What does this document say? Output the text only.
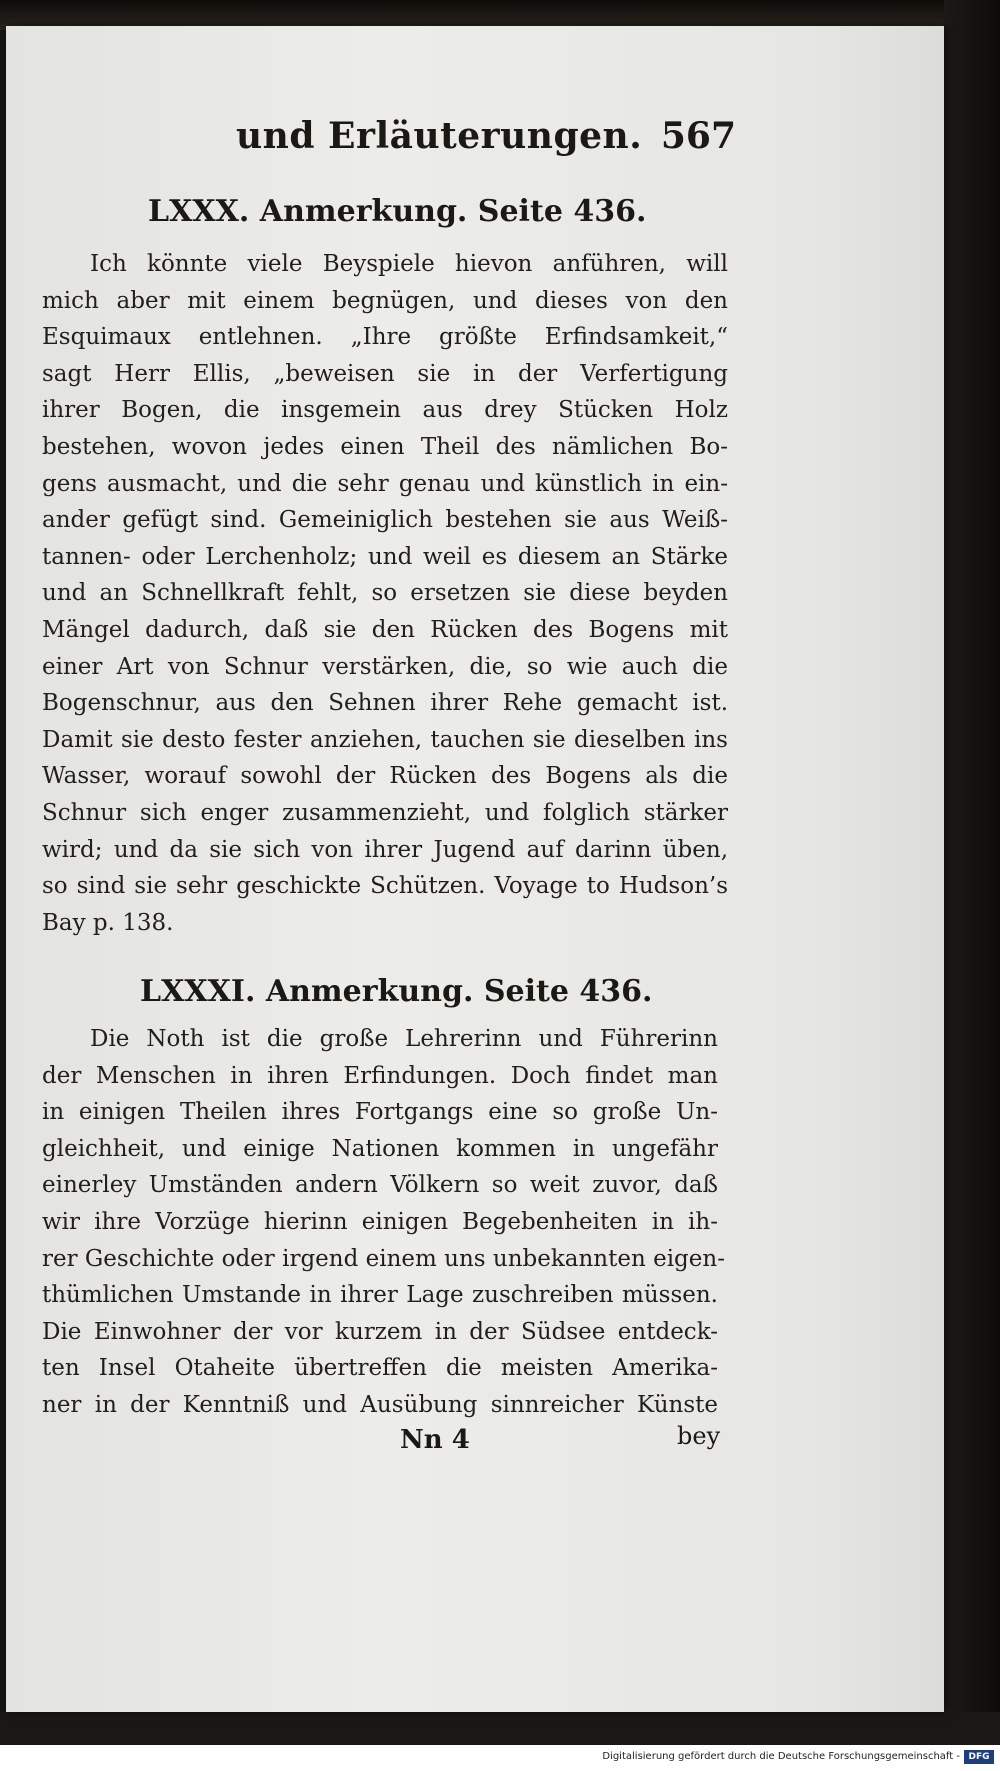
und Erläuterungen. 567
LXXX. Anmerkung. Seite 436.
Ich könnte viele Beyspiele hievon anführen, will
mich aber mit einem begnügen, und dieses von den
Esquimaux entlehnen. „Ihre größte Erfindsamkeit,“
sagt Herr Ellis, „beweisen sie in der Verfertigung
ihrer Bogen, die insgemein aus drey Stücken Holz
bestehen, wovon jedes einen Theil des nämlichen Bo-
gens ausmacht, und die sehr genau und künstlich in ein-
ander gefügt sind. Gemeiniglich bestehen sie aus Weiß-
tannen- oder Lerchenholz; und weil es diesem an Stärke
und an Schnellkraft fehlt, so ersetzen sie diese beyden
Mängel dadurch, daß sie den Rücken des Bogens mit
einer Art von Schnur verstärken, die, so wie auch die
Bogenschnur, aus den Sehnen ihrer Rehe gemacht ist.
Damit sie desto fester anziehen, tauchen sie dieselben ins
Wasser, worauf sowohl der Rücken des Bogens als die
Schnur sich enger zusammenzieht, und folglich stärker
wird; und da sie sich von ihrer Jugend auf darinn üben,
so sind sie sehr geschickte Schützen. Voyage to Hudson’s
Bay p. 138.
LXXXI. Anmerkung. Seite 436.
Die Noth ist die große Lehrerinn und Führerinn
der Menschen in ihren Erfindungen. Doch findet man
in einigen Theilen ihres Fortgangs eine so große Un-
gleichheit, und einige Nationen kommen in ungefähr
einerley Umständen andern Völkern so weit zuvor, daß
wir ihre Vorzüge hierinn einigen Begebenheiten in ih-
rer Geschichte oder irgend einem uns unbekannten eigen-
thümlichen Umstande in ihrer Lage zuschreiben müssen.
Die Einwohner der vor kurzem in der Südsee entdeck-
ten Insel Otaheite übertreffen die meisten Amerika-
ner in der Kenntniß und Ausübung sinnreicher Künste
Nn 4	bey
Digitalisierung gefördert durch die Deutsche Forschungsgemeinschaft - DFG
